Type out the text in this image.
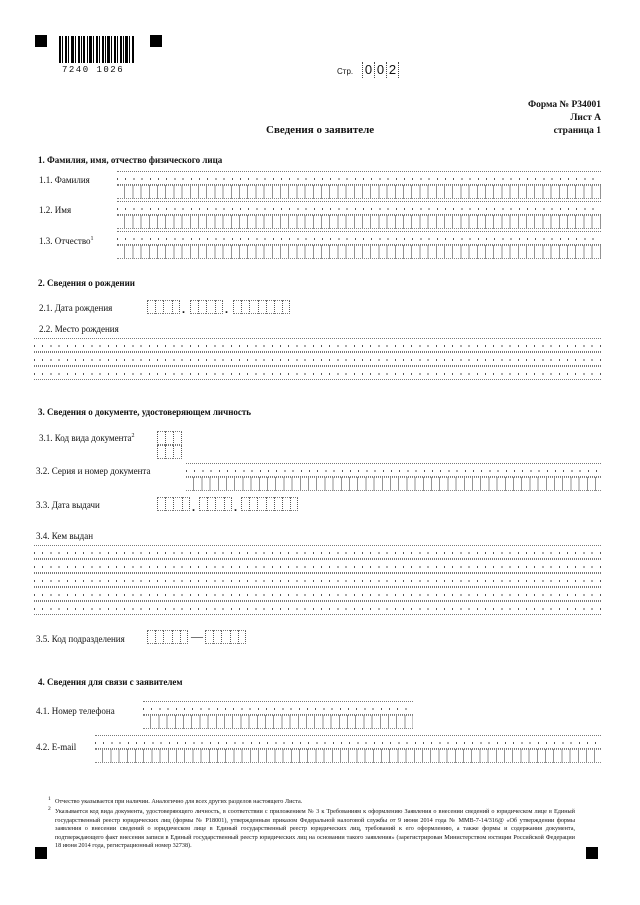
7240 1026	Стр. 0 0 2
Форма № Р34001
Лист А
страница 1
Сведения о заявителе
1. Фамилия, имя, отчество физического лица
1.1. Фамилия
1.2. Имя
1.3. Отчество$^1$
2. Сведения о рождении
2.1. Дата рождения	.	.
2.2. Место рождения
3. Сведения о документе, удостоверяющем личность
3.1. Код вида документа$^2$
3.2. Серия и номер документа
3.3. Дата выдачи	.	.
3.4. Кем выдан
3.5. Код подразделения	—
4. Сведения для связи с заявителем
4.1. Номер телефона
4.2. E-mail
1 Отчество указывается при наличии. Аналогично для всех других разделов настоящего Листа.
2 Указывается код вида документа, удостоверяющего личность, в соответствии с приложением № 3 к Требованиям к оформлению Заявления о внесении сведений о юридическом лице в Единый государственный реестр юридических лиц (формы № Р18001), утвержденным приказом Федеральной налоговой службы от 9 июня 2014 года № ММВ-7-14/316@ «Об утверждении формы заявления о внесении сведений о юридическом лице в Единый государственный реестр юридических лиц, требований к его оформлению, а также формы и содержания документа, подтверждающего факт внесения записи в Единый государственный реестр юридических лиц на основании такого заявления» (зарегистрирован Министерством юстиции Российской Федерации 18 июня 2014 года, регистрационный номер 32738).
